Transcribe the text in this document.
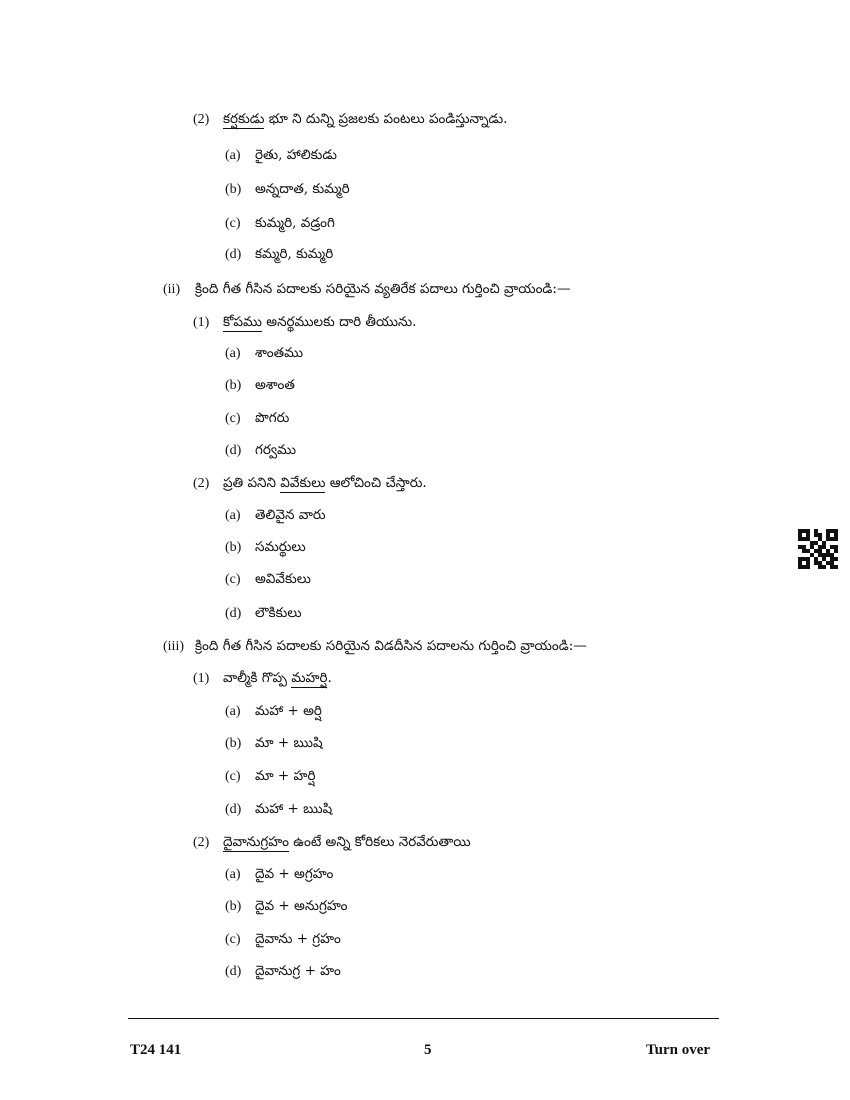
(2) కర్షకుడు భూ ని దున్ని ప్రజలకు పంటలు పండిస్తున్నాడు.
(a) రైతు, హాలికుడు
(b) అన్నదాత, కుమ్మరి
(c) కుమ్మరి, వడ్రంగి
(d) కమ్మరి, కుమ్మరి
(ii) క్రింది గీత గీసిన పదాలకు సరియైన వ్యతిరేక పదాలు గుర్తించి వ్రాయండి:—
(1) కోపము అనర్థములకు దారి తీయును.
(a) శాంతము
(b) అశాంత
(c) పొగరు
(d) గర్వము
(2) ప్రతి పనిని వివేకులు ఆలోచించి చేస్తారు.
(a) తెలివైన వారు
(b) సమర్థులు
(c) అవివేకులు
(d) లౌకికులు
(iii) క్రింది గీత గీసిన పదాలకు సరియైన విడదీసిన పదాలను గుర్తించి వ్రాయండి:—
(1) వాల్మీకి గొప్ప మహర్షి.
(a) మహా + అర్షి
(b) మా + ఋషి
(c) మా + హర్షి
(d) మహా + ఋషి
(2) దైవానుగ్రహం ఉంటే అన్ని కోరికలు నెరవేరుతాయి
(a) దైవ + అగ్రహం
(b) దైవ + అనుగ్రహం
(c) దైవాను + గ్రహం
(d) దైవానుగ్ర + హం
T24 141	5	Turn over
